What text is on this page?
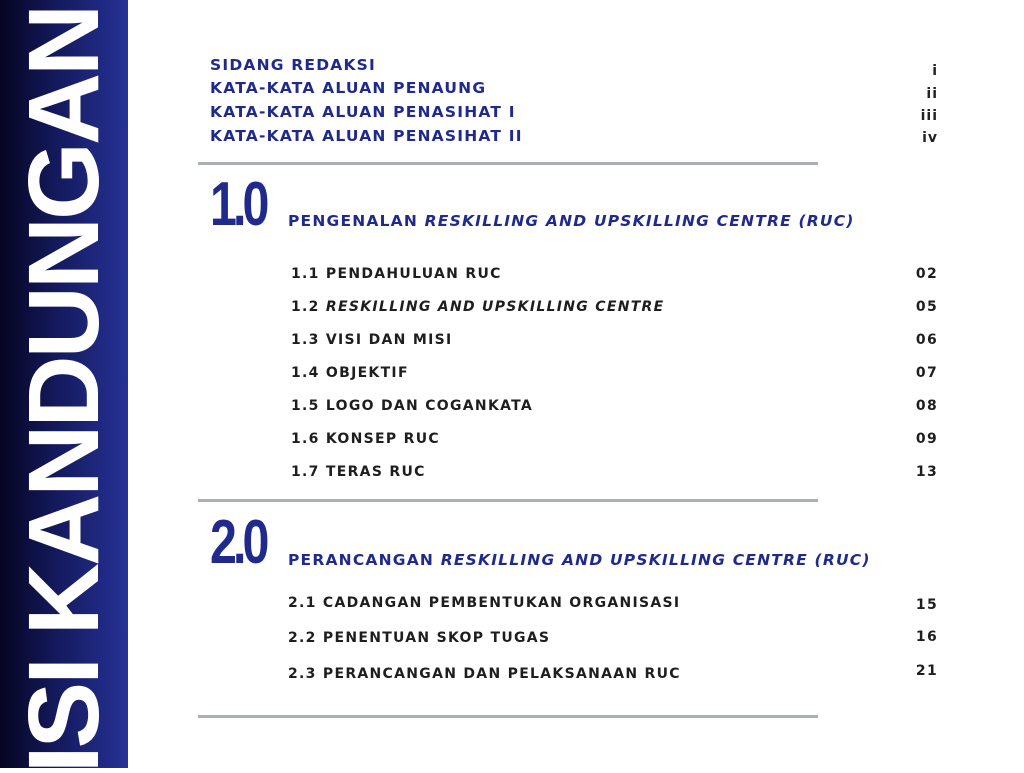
ISI KANDUNGAN	SIDANG REDAKSI
KATA-KATA ALUAN PENAUNG
KATA-KATA ALUAN PENASIHAT I
KATA-KATA ALUAN PENASIHAT II
i
ii
iii
iv
1.0 PENGENALAN RESKILLING AND UPSKILLING CENTRE (RUC)
1.1 PENDAHULUAN RUC
1.2 RESKILLING AND UPSKILLING CENTRE
1.3 VISI DAN MISI
1.4 OBJEKTIF
1.5 LOGO DAN COGANKATA
1.6 KONSEP RUC
1.7 TERAS RUC
02
05
06
07
08
09
13
2.0 PERANCANGAN RESKILLING AND UPSKILLING CENTRE (RUC)
2.1 CADANGAN PEMBENTUKAN ORGANISASI
2.2 PENENTUAN SKOP TUGAS
2.3 PERANCANGAN DAN PELAKSANAAN RUC
15
16
21
